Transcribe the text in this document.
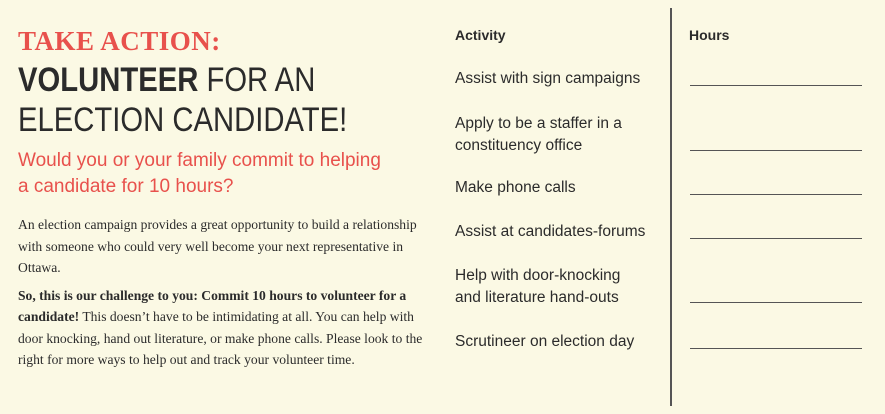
TAKE ACTION:

VOLUNTEER FOR AN
ELECTION CANDIDATE!
Would you or your family commit to helping
a candidate for 10 hours?

An election campaign provides a great opportunity to build a relationship with someone who could very well become your next representative in Ottawa.

So, this is our challenge to you: Commit 10 hours to volunteer for a candidate! This doesn’t have to be intimidating at all. You can help with door knocking, hand out literature, or make phone calls. Please look to the right for more ways to help out and track your volunteer time.

Activity	Hours
Assist with sign campaigns
Apply to be a staffer in a
constituency office
Make phone calls
Assist at candidates-forums
Help with door-knocking
and literature hand-outs
Scrutineer on election day
